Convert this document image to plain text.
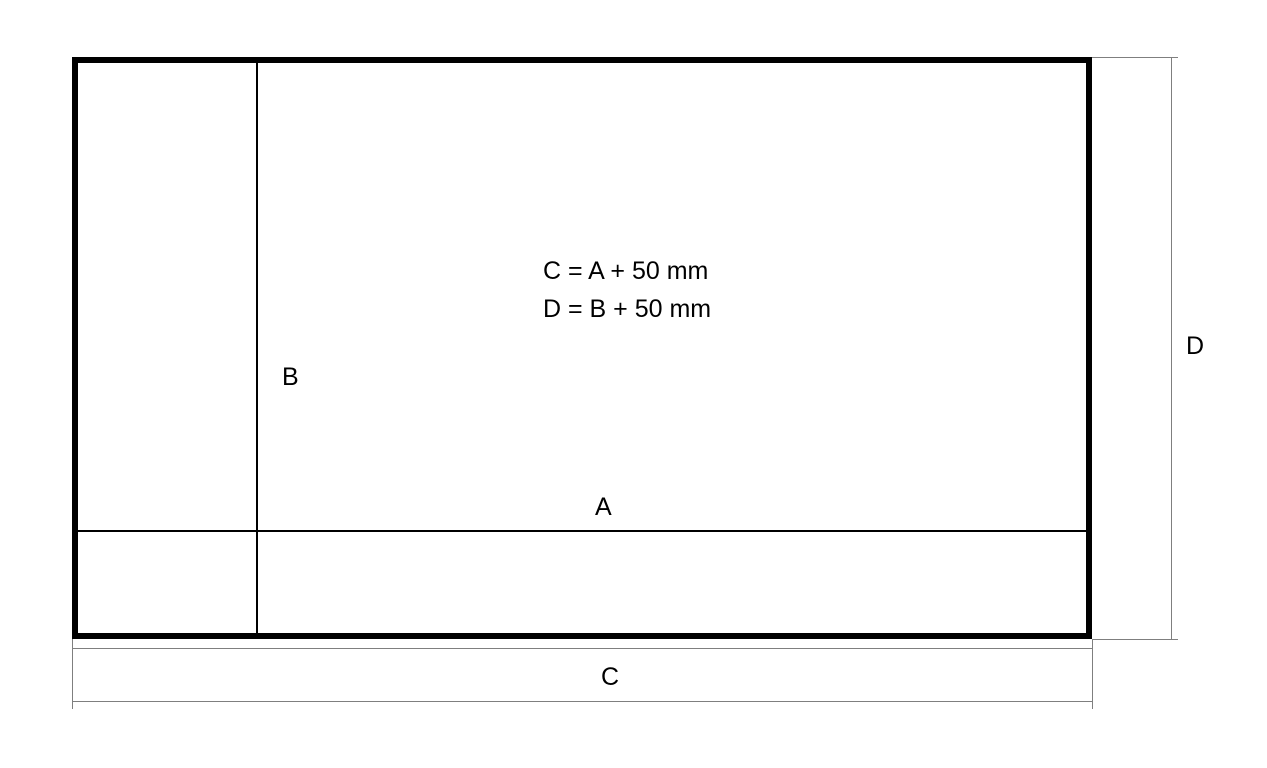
C = A + 50 mm
D = B + 50 mm
B
A
C
D
